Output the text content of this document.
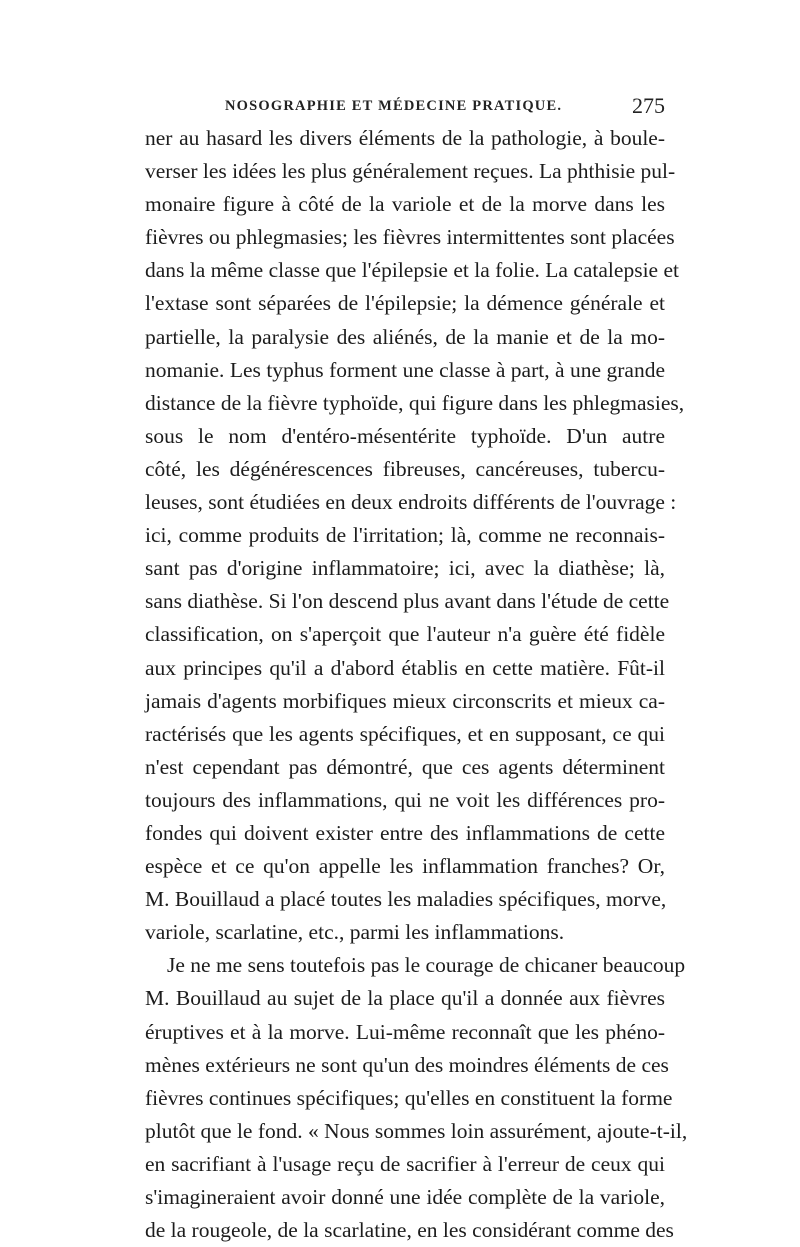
NOSOGRAPHIE ET MÉDECINE PRATIQUE.	275
ner au hasard les divers éléments de la pathologie, à boule-
verser les idées les plus généralement reçues. La phthisie pul-
monaire figure à côté de la variole et de la morve dans les
fièvres ou phlegmasies; les fièvres intermittentes sont placées
dans la même classe que l'épilepsie et la folie. La catalepsie et
l'extase sont séparées de l'épilepsie; la démence générale et
partielle, la paralysie des aliénés, de la manie et de la mo-
nomanie. Les typhus forment une classe à part, à une grande
distance de la fièvre typhoïde, qui figure dans les phlegmasies,
sous le nom d'entéro-mésentérite typhoïde. D'un autre
côté, les dégénérescences fibreuses, cancéreuses, tubercu-
leuses, sont étudiées en deux endroits différents de l'ouvrage :
ici, comme produits de l'irritation; là, comme ne reconnais-
sant pas d'origine inflammatoire; ici, avec la diathèse; là,
sans diathèse. Si l'on descend plus avant dans l'étude de cette
classification, on s'aperçoit que l'auteur n'a guère été fidèle
aux principes qu'il a d'abord établis en cette matière. Fût-il
jamais d'agents morbifiques mieux circonscrits et mieux ca-
ractérisés que les agents spécifiques, et en supposant, ce qui
n'est cependant pas démontré, que ces agents déterminent
toujours des inflammations, qui ne voit les différences pro-
fondes qui doivent exister entre des inflammations de cette
espèce et ce qu'on appelle les inflammation franches? Or,
M. Bouillaud a placé toutes les maladies spécifiques, morve,
variole, scarlatine, etc., parmi les inflammations.
Je ne me sens toutefois pas le courage de chicaner beaucoup
M. Bouillaud au sujet de la place qu'il a donnée aux fièvres
éruptives et à la morve. Lui-même reconnaît que les phéno-
mènes extérieurs ne sont qu'un des moindres éléments de ces
fièvres continues spécifiques; qu'elles en constituent la forme
plutôt que le fond. « Nous sommes loin assurément, ajoute-t-il,
en sacrifiant à l'usage reçu de sacrifier à l'erreur de ceux qui
s'imagineraient avoir donné une idée complète de la variole,
de la rougeole, de la scarlatine, en les considérant comme des
